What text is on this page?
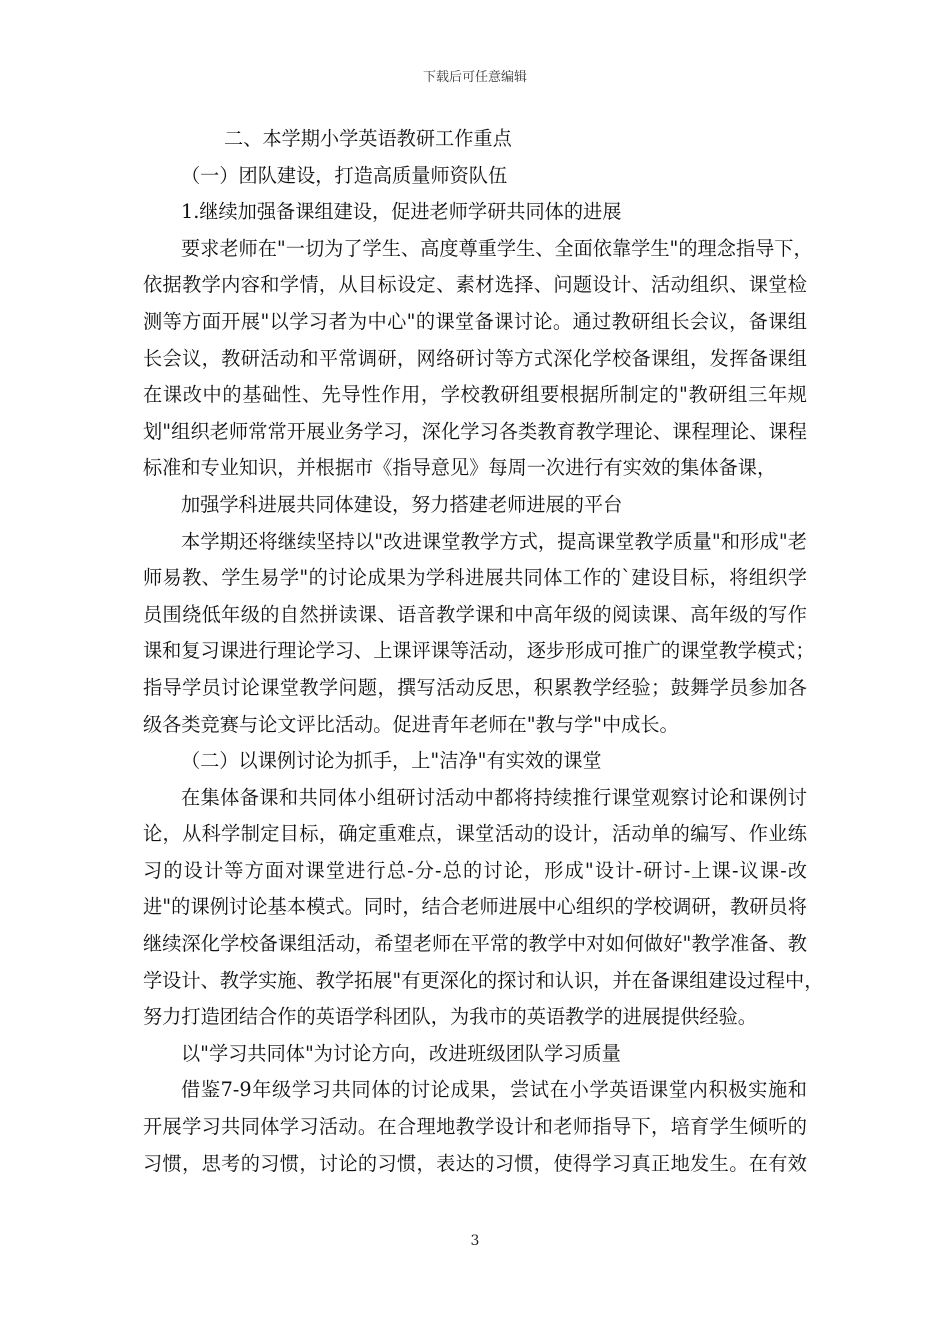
下载后可任意编辑
二、本学期小学英语教研工作重点
（一）团队建设，打造高质量师资队伍
1.继续加强备课组建设，促进老师学研共同体的进展
要求老师在"一切为了学生、高度尊重学生、全面依靠学生"的理念指导下，
依据教学内容和学情，从目标设定、素材选择、问题设计、活动组织、课堂检
测等方面开展"以学习者为中心"的课堂备课讨论。通过教研组长会议，备课组
长会议，教研活动和平常调研，网络研讨等方式深化学校备课组，发挥备课组
在课改中的基础性、先导性作用，学校教研组要根据所制定的"教研组三年规
划"组织老师常常开展业务学习，深化学习各类教育教学理论、课程理论、课程
标准和专业知识，并根据市《指导意见》每周一次进行有实效的集体备课，
加强学科进展共同体建设，努力搭建老师进展的平台
本学期还将继续坚持以"改进课堂教学方式，提高课堂教学质量"和形成"老
师易教、学生易学"的讨论成果为学科进展共同体工作的`建设目标，将组织学
员围绕低年级的自然拼读课、语音教学课和中高年级的阅读课、高年级的写作
课和复习课进行理论学习、上课评课等活动，逐步形成可推广的课堂教学模式；
指导学员讨论课堂教学问题，撰写活动反思，积累教学经验；鼓舞学员参加各
级各类竞赛与论文评比活动。促进青年老师在"教与学"中成长。
（二）以课例讨论为抓手，上"洁净"有实效的课堂
在集体备课和共同体小组研讨活动中都将持续推行课堂观察讨论和课例讨
论，从科学制定目标，确定重难点，课堂活动的设计，活动单的编写、作业练
习的设计等方面对课堂进行总-分-总的讨论，形成"设计-研讨-上课-议课-改
进"的课例讨论基本模式。同时，结合老师进展中心组织的学校调研，教研员将
继续深化学校备课组活动，希望老师在平常的教学中对如何做好"教学准备、教
学设计、教学实施、教学拓展"有更深化的探讨和认识，并在备课组建设过程中，
努力打造团结合作的英语学科团队，为我市的英语教学的进展提供经验。
以"学习共同体"为讨论方向，改进班级团队学习质量
借鉴7-9年级学习共同体的讨论成果，尝试在小学英语课堂内积极实施和
开展学习共同体学习活动。在合理地教学设计和老师指导下，培育学生倾听的
习惯，思考的习惯，讨论的习惯，表达的习惯，使得学习真正地发生。在有效
3
